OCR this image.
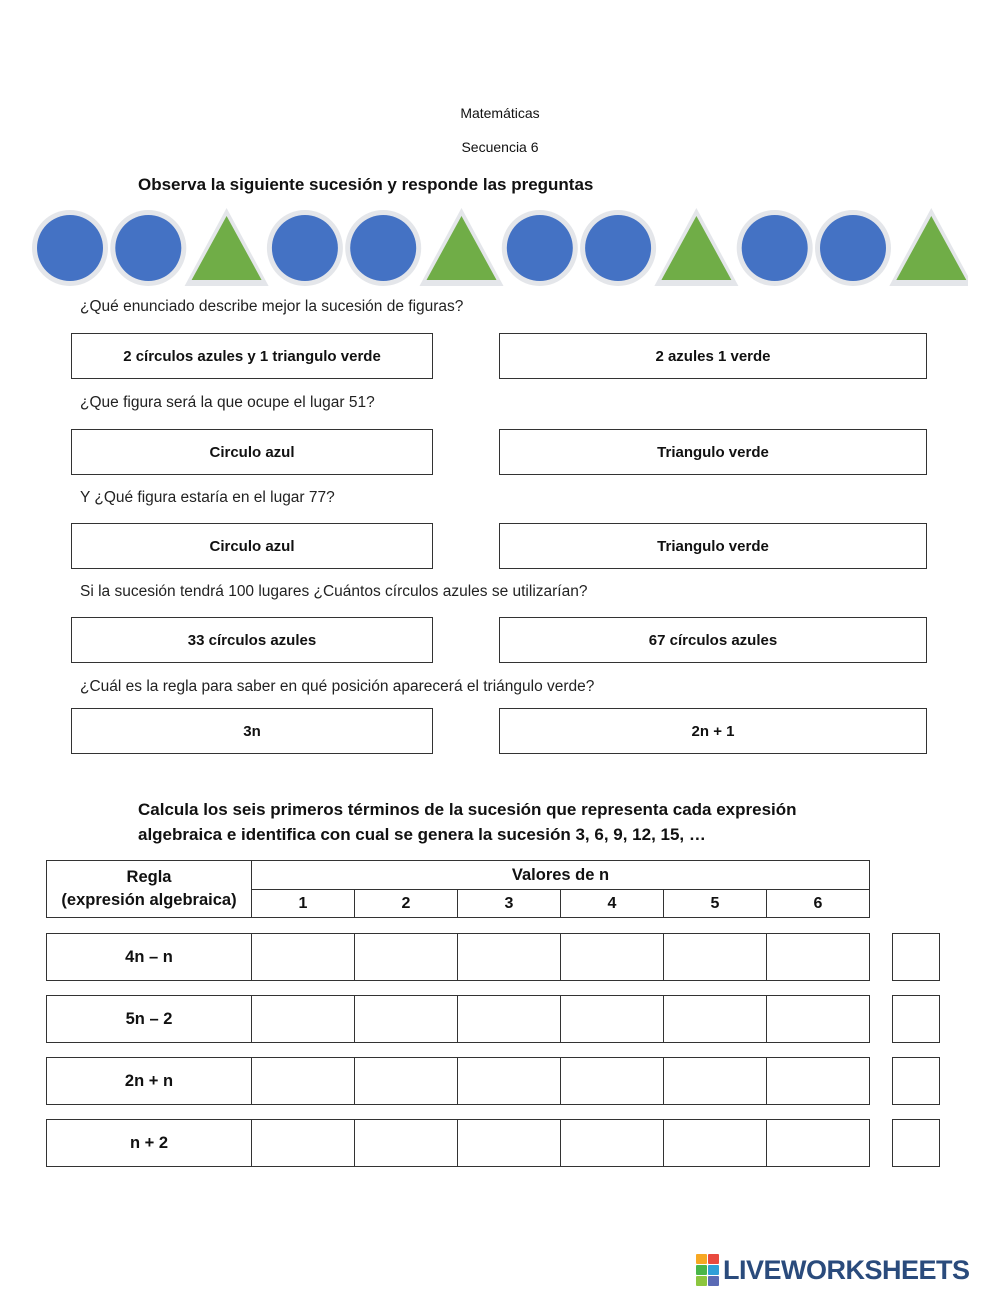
Matemáticas
Secuencia 6
Observa la siguiente sucesión y responde las preguntas
¿Qué enunciado describe mejor la sucesión de figuras?
2 círculos azules y 1 triangulo verde	2 azules 1 verde
¿Que figura será la que ocupe el lugar 51?
Circulo azul	Triangulo verde
Y ¿Qué figura estaría en el lugar 77?
Circulo azul	Triangulo verde
Si la sucesión tendrá 100 lugares ¿Cuántos círculos azules se utilizarían?
33 círculos azules	67 círculos azules
¿Cuál es la regla para saber en qué posición aparecerá el triángulo verde?
3n	2n + 1
Calcula los seis primeros términos de la sucesión que representa cada expresión
algebraica e identifica con cual se genera la sucesión 3, 6, 9, 12, 15, …
Regla
(expresión algebraica)
Valores de n
1	2	3	4	5	6
4n – n
5n – 2
2n + n
n + 2
LIVEWORKSHEETS
